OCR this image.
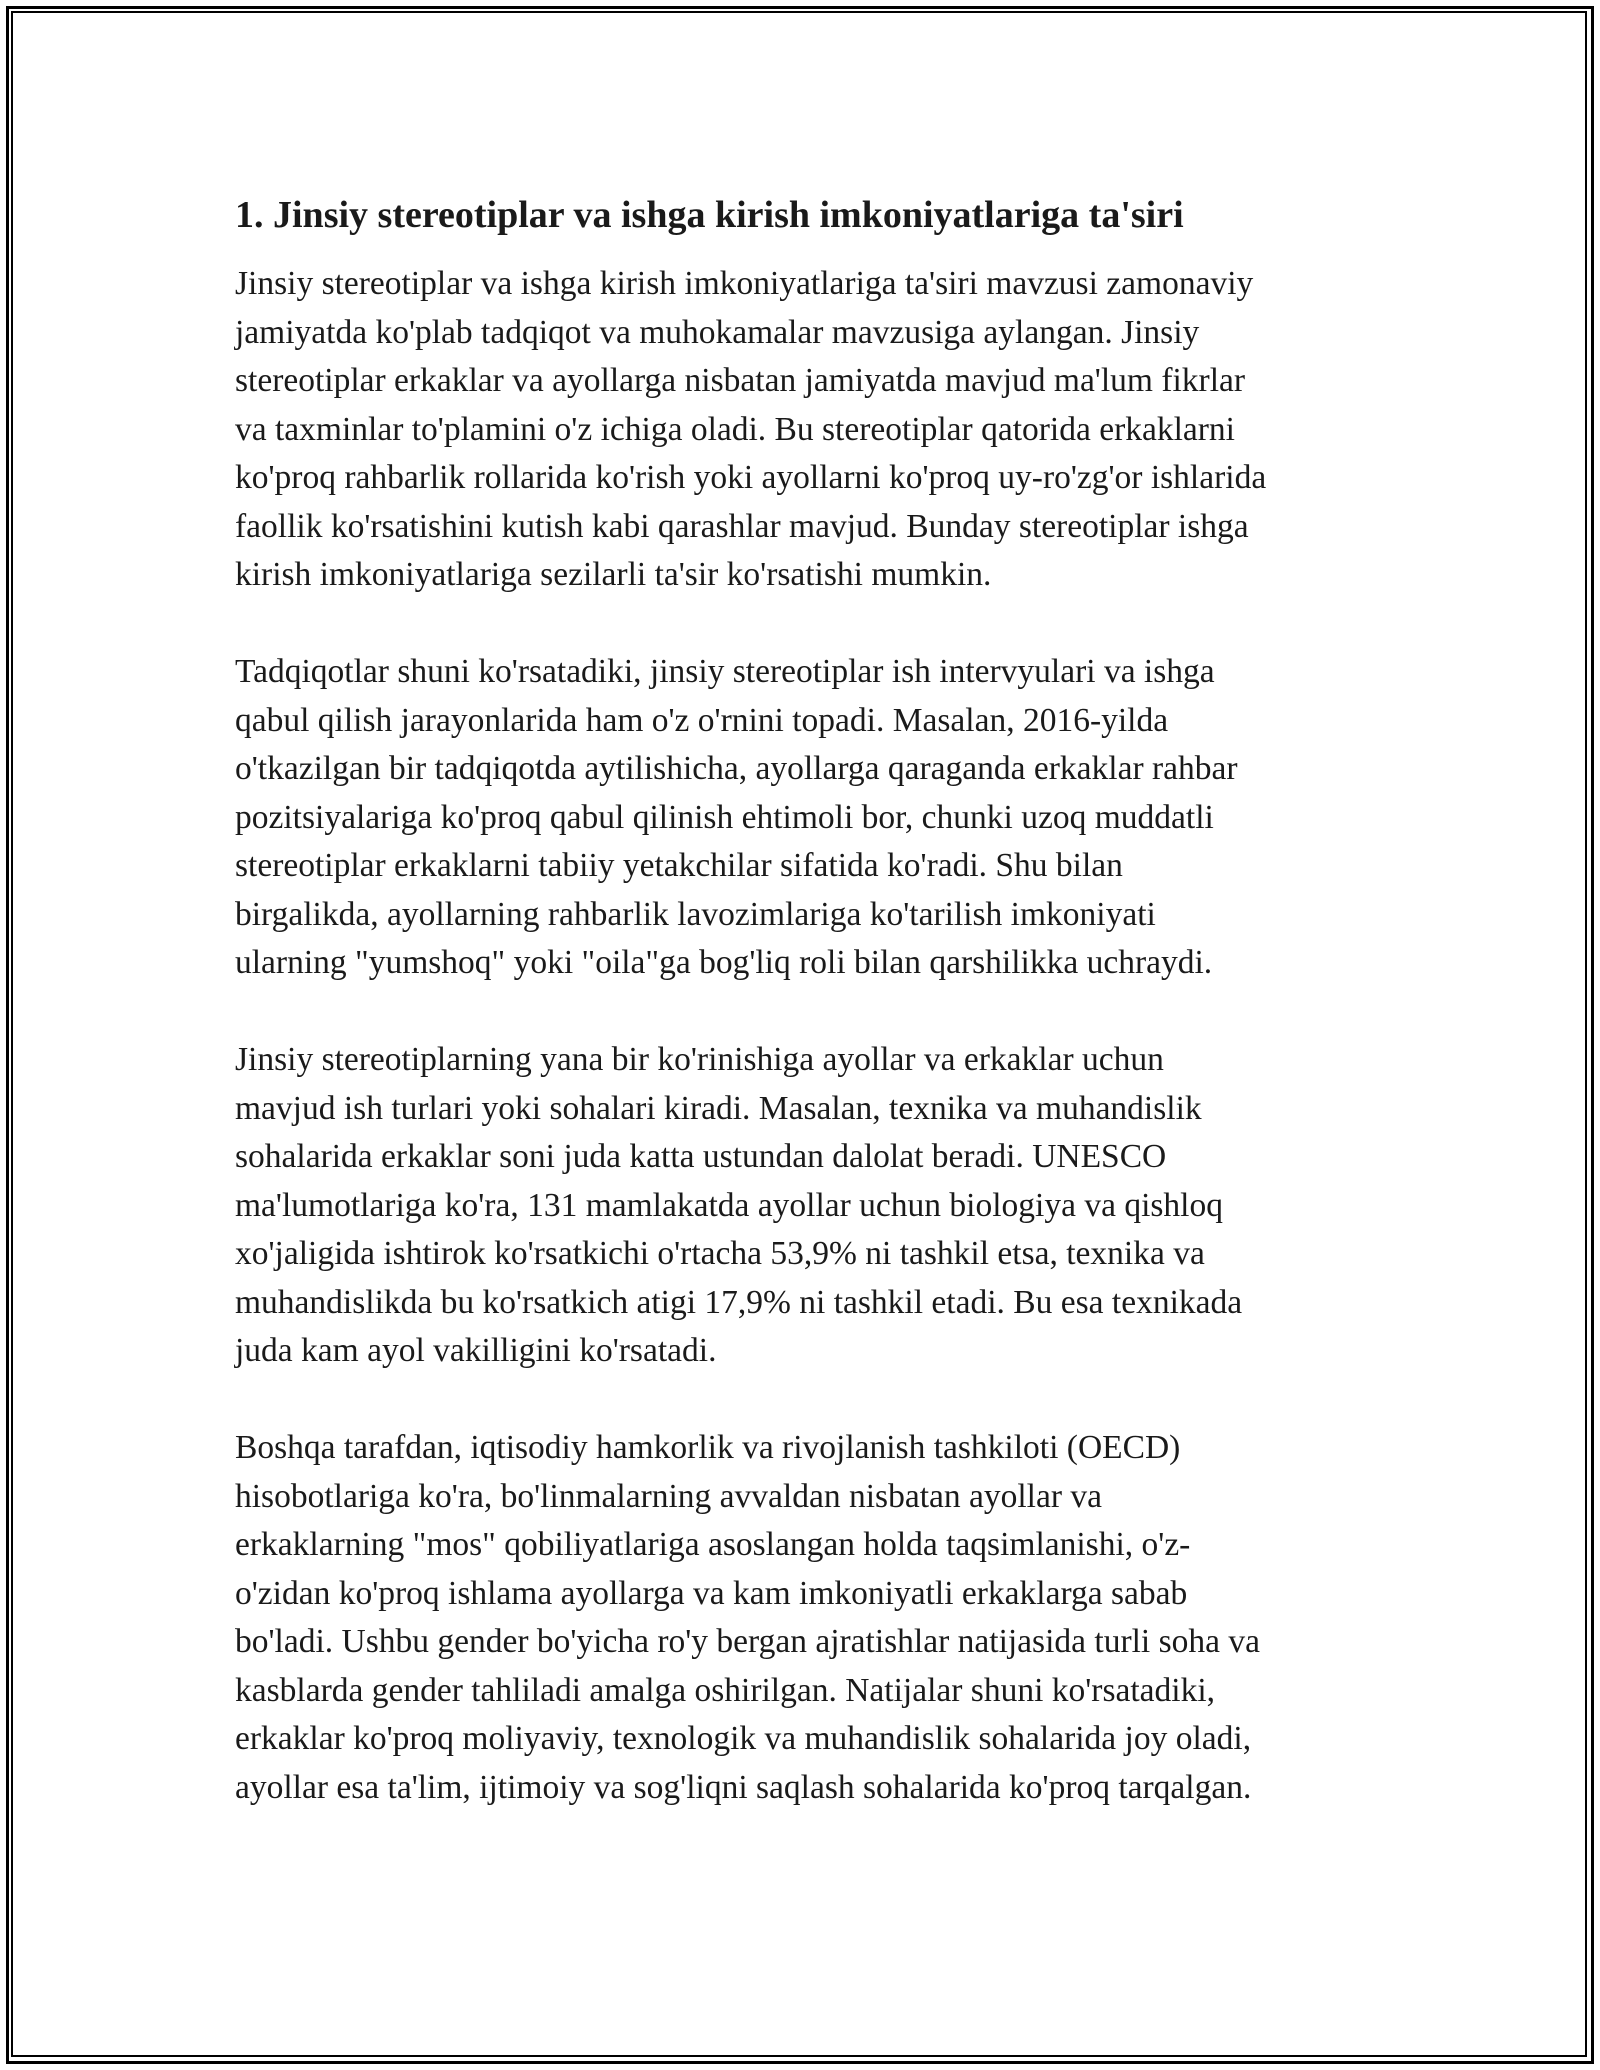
1. Jinsiy stereotiplar va ishga kirish imkoniyatlariga ta'siri
Jinsiy stereotiplar va ishga kirish imkoniyatlariga ta'siri mavzusi zamonaviy
jamiyatda ko'plab tadqiqot va muhokamalar mavzusiga aylangan. Jinsiy
stereotiplar erkaklar va ayollarga nisbatan jamiyatda mavjud ma'lum fikrlar
va taxminlar to'plamini o'z ichiga oladi. Bu stereotiplar qatorida erkaklarni
ko'proq rahbarlik rollarida ko'rish yoki ayollarni ko'proq uy-ro'zg'or ishlarida
faollik ko'rsatishini kutish kabi qarashlar mavjud. Bunday stereotiplar ishga
kirish imkoniyatlariga sezilarli ta'sir ko'rsatishi mumkin.
Tadqiqotlar shuni ko'rsatadiki, jinsiy stereotiplar ish intervyulari va ishga
qabul qilish jarayonlarida ham o'z o'rnini topadi. Masalan, 2016-yilda
o'tkazilgan bir tadqiqotda aytilishicha, ayollarga qaraganda erkaklar rahbar
pozitsiyalariga ko'proq qabul qilinish ehtimoli bor, chunki uzoq muddatli
stereotiplar erkaklarni tabiiy yetakchilar sifatida ko'radi. Shu bilan
birgalikda, ayollarning rahbarlik lavozimlariga ko'tarilish imkoniyati
ularning "yumshoq" yoki "oila"ga bog'liq roli bilan qarshilikka uchraydi.
Jinsiy stereotiplarning yana bir ko'rinishiga ayollar va erkaklar uchun
mavjud ish turlari yoki sohalari kiradi. Masalan, texnika va muhandislik
sohalarida erkaklar soni juda katta ustundan dalolat beradi. UNESCO
ma'lumotlariga ko'ra, 131 mamlakatda ayollar uchun biologiya va qishloq
xo'jaligida ishtirok ko'rsatkichi o'rtacha 53,9% ni tashkil etsa, texnika va
muhandislikda bu ko'rsatkich atigi 17,9% ni tashkil etadi. Bu esa texnikada
juda kam ayol vakilligini ko'rsatadi.
Boshqa tarafdan, iqtisodiy hamkorlik va rivojlanish tashkiloti (OECD)
hisobotlariga ko'ra, bo'linmalarning avvaldan nisbatan ayollar va
erkaklarning "mos" qobiliyatlariga asoslangan holda taqsimlanishi, o'z-
o'zidan ko'proq ishlama ayollarga va kam imkoniyatli erkaklarga sabab
bo'ladi. Ushbu gender bo'yicha ro'y bergan ajratishlar natijasida turli soha va
kasblarda gender tahliladi amalga oshirilgan. Natijalar shuni ko'rsatadiki,
erkaklar ko'proq moliyaviy, texnologik va muhandislik sohalarida joy oladi,
ayollar esa ta'lim, ijtimoiy va sog'liqni saqlash sohalarida ko'proq tarqalgan.
